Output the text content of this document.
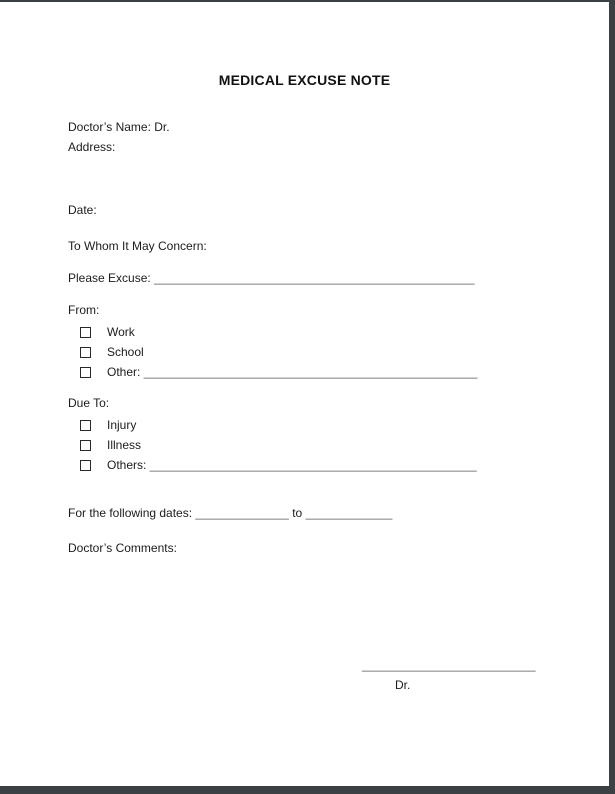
MEDICAL EXCUSE NOTE
Doctor’s Name: Dr.
Address:
Date:
To Whom It May Concern:
Please Excuse: ________________________________________________
From:
Work
School
Other: __________________________________________________
Due To:
Injury
Illness
Others: _________________________________________________
For the following dates: ______________ to _____________
Doctor’s Comments:
__________________________
Dr.
